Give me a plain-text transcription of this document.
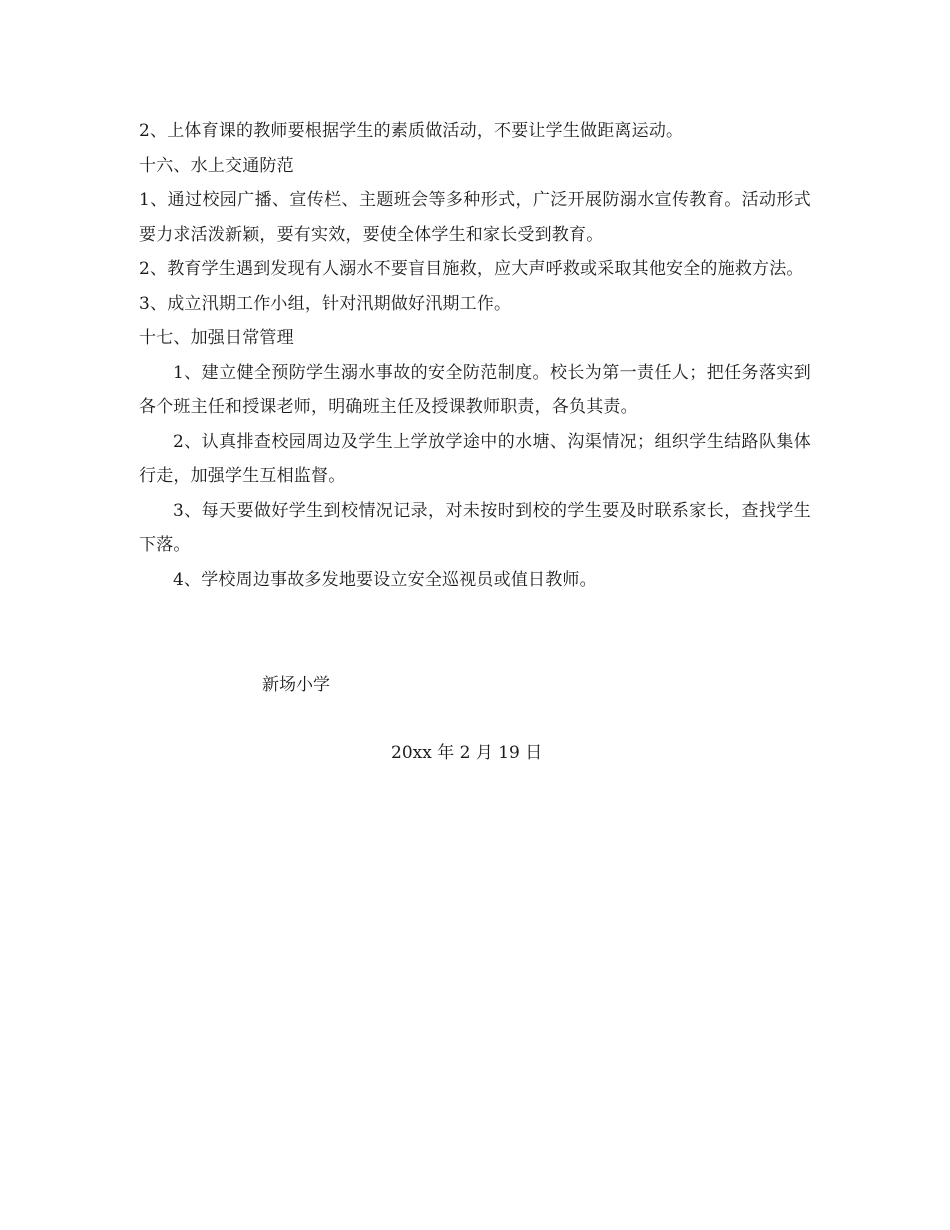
2、上体育课的教师要根据学生的素质做活动，不要让学生做距离运动。

十六、水上交通防范

1、通过校园广播、宣传栏、主题班会等多种形式，广泛开展防溺水宣传教育。活动形式要力求活泼新颖，要有实效，要使全体学生和家长受到教育。

2、教育学生遇到发现有人溺水不要盲目施救，应大声呼救或采取其他安全的施救方法。

3、成立汛期工作小组，针对汛期做好汛期工作。

十七、加强日常管理

1、建立健全预防学生溺水事故的安全防范制度。校长为第一责任人；把任务落实到各个班主任和授课老师，明确班主任及授课教师职责，各负其责。

2、认真排查校园周边及学生上学放学途中的水塘、沟渠情况；组织学生结路队集体行走，加强学生互相监督。

3、每天要做好学生到校情况记录，对未按时到校的学生要及时联系家长，查找学生下落。

4、学校周边事故多发地要设立安全巡视员或值日教师。

新场小学
20xx 年 2 月 19 日
